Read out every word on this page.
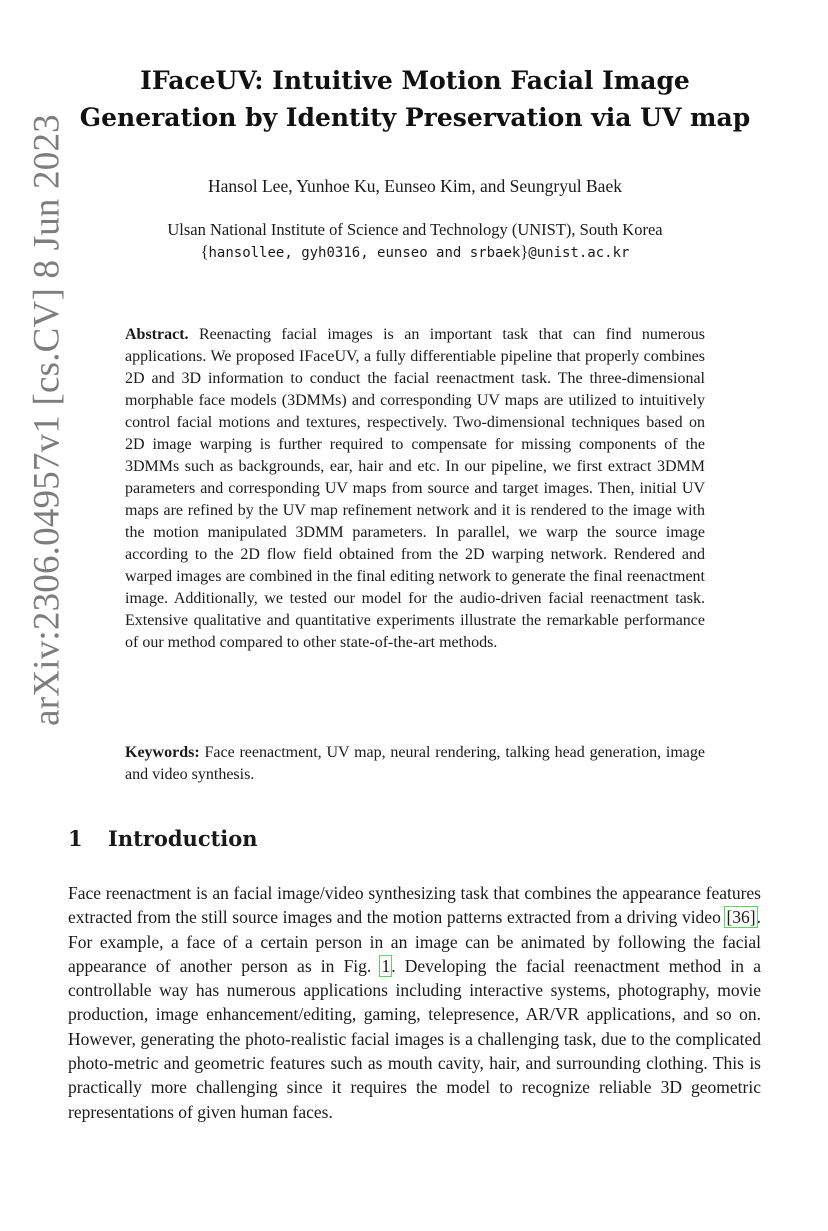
arXiv:2306.04957v1 [cs.CV] 8 Jun 2023
IFaceUV: Intuitive Motion Facial Image
Generation by Identity Preservation via UV map
Hansol Lee, Yunhoe Ku, Eunseo Kim, and Seungryul Baek
Ulsan National Institute of Science and Technology (UNIST), South Korea
{hansollee, gyh0316, eunseo and srbaek}@unist.ac.kr

Abstract. Reenacting facial images is an important task that can find numerous applications. We proposed IFaceUV, a fully differentiable pipeline that properly combines 2D and 3D information to conduct the facial reenactment task. The three-dimensional morphable face models (3DMMs) and corresponding UV maps are utilized to intuitively control facial motions and textures, respectively. Two-dimensional techniques based on 2D image warping is further required to compensate for missing components of the 3DMMs such as backgrounds, ear, hair and etc. In our pipeline, we first extract 3DMM parameters and corresponding UV maps from source and target images. Then, initial UV maps are refined by the UV map refinement network and it is rendered to the image with the motion manipulated 3DMM parameters. In parallel, we warp the source image according to the 2D flow field obtained from the 2D warping network. Rendered and warped images are combined in the final editing network to generate the final reenactment image. Additionally, we tested our model for the audio-driven facial reenactment task. Extensive qualitative and quantitative experiments illustrate the remarkable performance of our method compared to other state-of-the-art methods.

Keywords: Face reenactment, UV map, neural rendering, talking head generation, image and video synthesis.

1 Introduction

Face reenactment is an facial image/video synthesizing task that combines the appearance features extracted from the still source images and the motion patterns extracted from a driving video [36]. For example, a face of a certain person in an image can be animated by following the facial appearance of another person as in Fig. 1. Developing the facial reenactment method in a controllable way has numerous applications including interactive systems, photography, movie production, image enhancement/editing, gaming, telepresence, AR/VR applications, and so on. However, generating the photo-realistic facial images is a challenging task, due to the complicated photo-metric and geometric features such as mouth cavity, hair, and surrounding clothing. This is practically more challenging since it requires the model to recognize reliable 3D geometric representations of given human faces.
